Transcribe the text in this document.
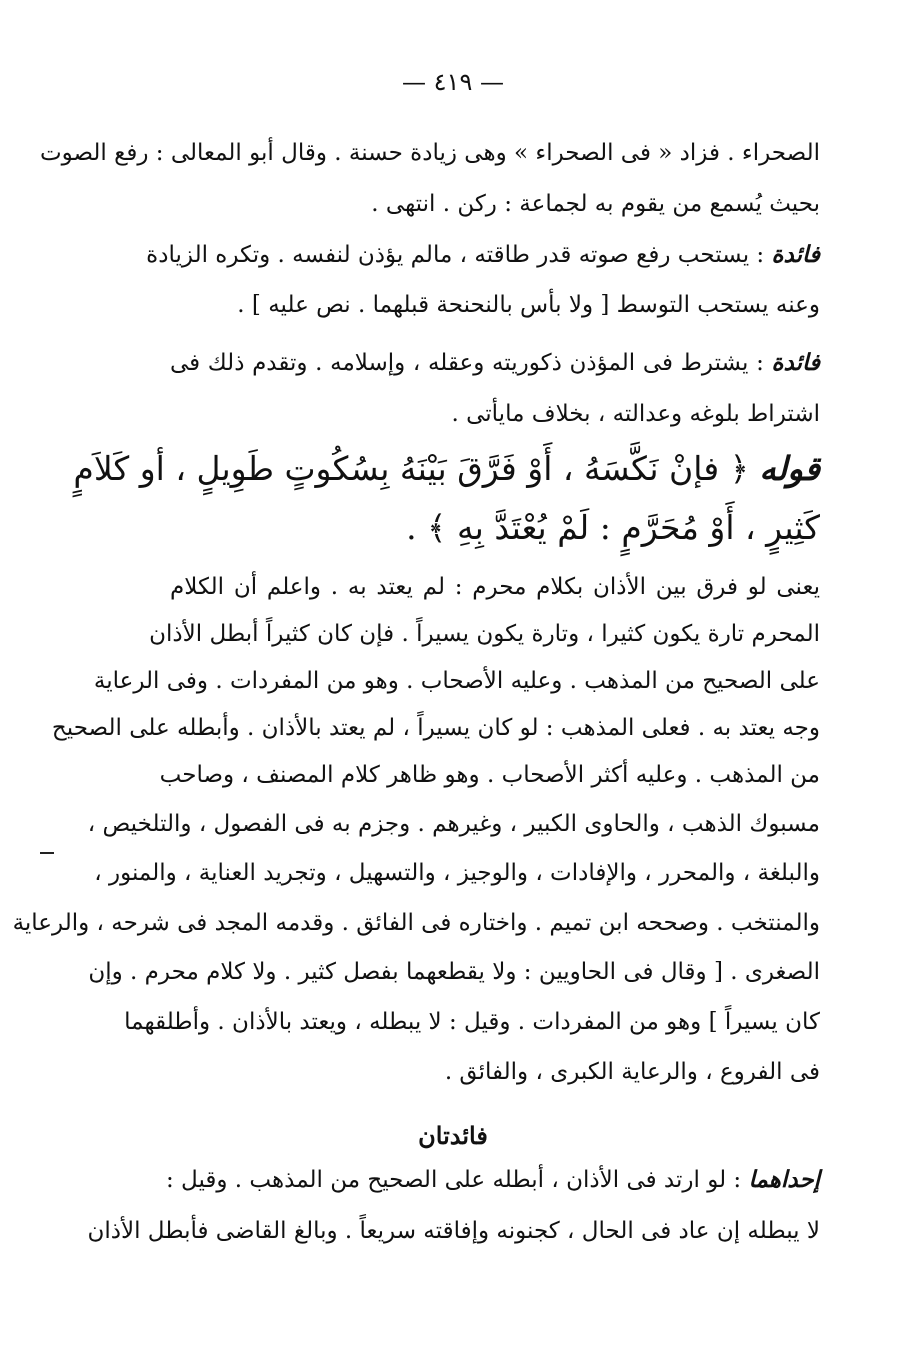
— ٤١٩ —
الصحراء . فزاد « فى الصحراء » وهى زيادة حسنة . وقال أبو المعالى : رفع الصوت
بحيث يُسمع من يقوم به لجماعة : ركن . انتهى .
فائدة : يستحب رفع صوته قدر طاقته ، مالم يؤذن لنفسه . وتكره الزيادة
وعنه يستحب التوسط [ ولا بأس بالنحنحة قبلهما . نص عليه ] .
فائدة : يشترط فى المؤذن ذكوريته وعقله ، وإسلامه . وتقدم ذلك فى
اشتراط بلوغه وعدالته ، بخلاف مايأتى .
قوله ﴿ فإنْ نَكَّسَهُ ، أَوْ فَرَّقَ بَيْنَهُ بِسُكُوتٍ طَوِيلٍ ، أو كَلاَمٍ
كَثِيرٍ ، أَوْ مُحَرَّمٍ : لَمْ يُعْتَدَّ بِهِ ﴾ .
يعنى لو فرق بين الأذان بكلام محرم : لم يعتد به . واعلم أن الكلام
المحرم تارة يكون كثيرا ، وتارة يكون يسيراً . فإن كان كثيراً أبطل الأذان
على الصحيح من المذهب . وعليه الأصحاب . وهو من المفردات . وفى الرعاية
وجه يعتد به . فعلى المذهب : لو كان يسيراً ، لم يعتد بالأذان . وأبطله على الصحيح
من المذهب . وعليه أكثر الأصحاب . وهو ظاهر كلام المصنف ، وصاحب
مسبوك الذهب ، والحاوى الكبير ، وغيرهم . وجزم به فى الفصول ، والتلخيص ،
والبلغة ، والمحرر ، والإفادات ، والوجيز ، والتسهيل ، وتجريد العناية ، والمنور ،
والمنتخب . وصححه ابن تميم . واختاره فى الفائق . وقدمه المجد فى شرحه ، والرعاية
الصغرى . [ وقال فى الحاويين : ولا يقطعهما بفصل كثير . ولا كلام محرم . وإن
كان يسيراً ] وهو من المفردات . وقيل : لا يبطله ، ويعتد بالأذان . وأطلقهما
فى الفروع ، والرعاية الكبرى ، والفائق .
فائدتان
إحداهما : لو ارتد فى الأذان ، أبطله على الصحيح من المذهب . وقيل :
لا يبطله إن عاد فى الحال ، كجنونه وإفاقته سريعاً . وبالغ القاضى فأبطل الأذان
